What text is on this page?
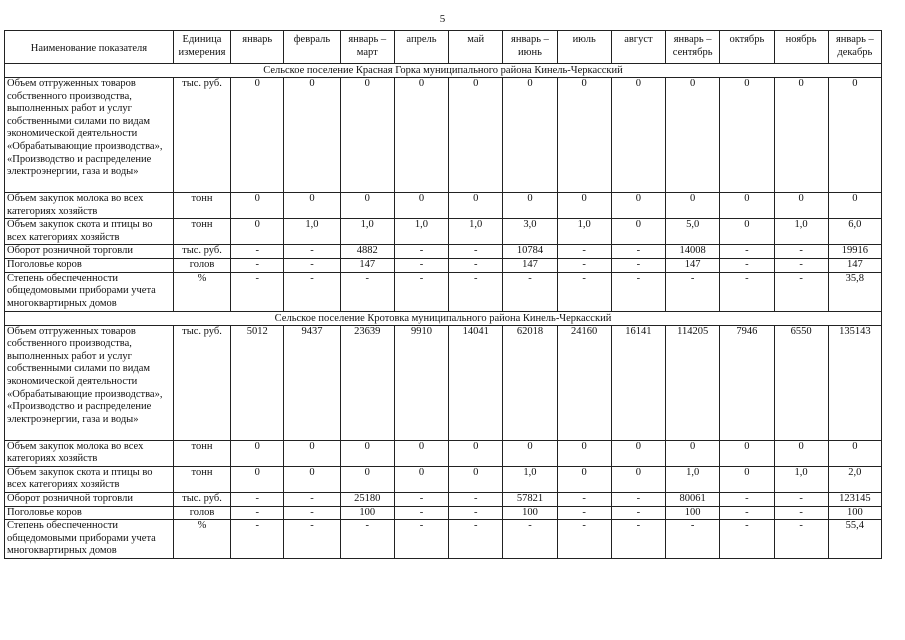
5
Наименование показателя	Единица измерения	январь	февраль	январь – март	апрель	май	январь – июнь	июль	август	январь – сентябрь	октябрь	ноябрь	январь – декабрь
Сельское поселение Красная Горка муниципального района Кинель-Черкасский													
Объем отгруженных товаров собственного производства, выполненных работ и услуг собственными силами по видам экономической деятельности «Обрабатывающие производства», «Производство и распределение электроэнергии, газа и воды»	тыс. руб.	0	0	0	0	0	0	0	0	0	0	0	0
Объем закупок молока во всех категориях хозяйств	тонн	0	0	0	0	0	0	0	0	0	0	0	0
Объем закупок скота и птицы во всех категориях хозяйств	тонн	0	1,0	1,0	1,0	1,0	3,0	1,0	0	5,0	0	1,0	6,0
Оборот розничной торговли	тыс. руб.	-	-	4882	-	-	10784	-	-	14008	-	-	19916
Поголовье коров	голов	-	-	147	-	-	147	-	-	147	-	-	147
Степень обеспеченности общедомовыми приборами учета многоквартирных домов	%	-	-	-	-	-	-	-	-	-	-	-	35,8
Сельское поселение Кротовка муниципального района Кинель-Черкасский													
Объем отгруженных товаров собственного производства, выполненных работ и услуг собственными силами по видам экономической деятельности «Обрабатывающие производства», «Производство и распределение электроэнергии, газа и воды»	тыс. руб.	5012	9437	23639	9910	14041	62018	24160	16141	114205	7946	6550	135143
Объем закупок молока во всех категориях хозяйств	тонн	0	0	0	0	0	0	0	0	0	0	0	0
Объем закупок скота и птицы во всех категориях хозяйств	тонн	0	0	0	0	0	1,0	0	0	1,0	0	1,0	2,0
Оборот розничной торговли	тыс. руб.	-	-	25180	-	-	57821	-	-	80061	-	-	123145
Поголовье коров	голов	-	-	100	-	-	100	-	-	100	-	-	100
Степень обеспеченности общедомовыми приборами учета многоквартирных домов	%	-	-	-	-	-	-	-	-	-	-	-	55,4
